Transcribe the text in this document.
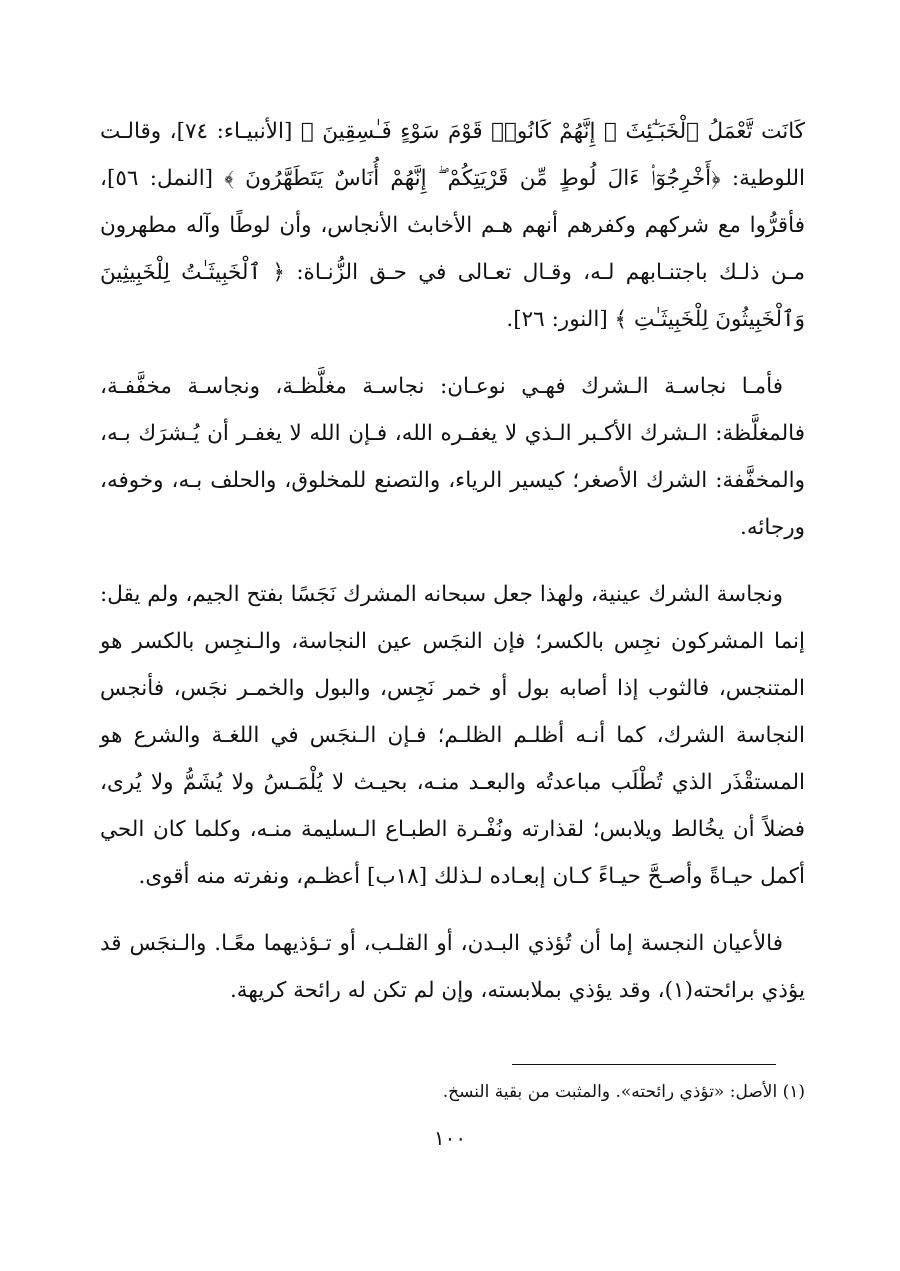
كَانَت تَّعْمَلُ ٱلْخَبَـٰٓئِثَ ۚ إِنَّهُمْ كَانُوا۟ قَوْمَ سَوْءٍ فَـٰسِقِينَ ﴾ [الأنبيـاء: ٧٤]، وقالـت اللوطية: ﴿أَخْرِجُوٓا۟ ءَالَ لُوطٍ مِّن قَرْيَتِكُمْ ۖ إِنَّهُمْ أُنَاسٌ يَتَطَهَّرُونَ ﴾ [النمل: ٥٦]، فأقرُّوا مع شركهم وكفرهم أنهم هـم الأخابث الأنجاس، وأن لوطًا وآله مطهرون مـن ذلـك باجتنـابهم لـه، وقـال تعـالى في حـق الزُّنـاة: ﴿ ٱلْخَبِيثَـٰتُ لِلْخَبِيثِينَ وَٱلْخَبِيثُونَ لِلْخَبِيثَـٰتِ ﴾ [النور: ٢٦].

فأمـا نجاسـة الـشرك فهـي نوعـان: نجاسـة مغلَّظـة، ونجاسـة مخفَّفـة، فالمغلَّظة: الـشرك الأكـبر الـذي لا يغفـره الله، فـإن الله لا يغفـر أن يُـشرَك بـه، والمخفَّفة: الشرك الأصغر؛ كيسير الرياء، والتصنع للمخلوق، والحلف بـه، وخوفه، ورجائه.

ونجاسة الشرك عينية، ولهذا جعل سبحانه المشرك نَجَسًا بفتح الجيم، ولم يقل: إنما المشركون نجِس بالكسر؛ فإن النجَس عين النجاسة، والـنجِس بالكسر هو المتنجس، فالثوب إذا أصابه بول أو خمر نَجِس، والبول والخمـر نجَس، فأنجس النجاسة الشرك، كما أنـه أظلـم الظلـم؛ فـإن الـنجَس في اللغـة والشرع هو المستقْذَر الذي تُطْلَب مباعدتُه والبعـد منـه، بحيـث لا يُلْمَـسُ ولا يُشَمُّ ولا يُرى، فضلاً أن يخُالط ويلابس؛ لقذارته ونُفْـرة الطبـاع الـسليمة منـه، وكلما كان الحي أكمل حيـاةً وأصـحَّ حيـاءً كـان إبعـاده لـذلك [١٨ب] أعظـم، ونفرته منه أقوى.

فالأعيان النجسة إما أن تُؤذي البـدن، أو القلـب، أو تـؤذيهما معًـا. والـنجَس قد يؤذي برائحته(١)، وقد يؤذي بملابسته، وإن لم تكن له رائحة كريهة.

(١) الأصل: «تؤذي رائحته». والمثبت من بقية النسخ.
١٠٠
